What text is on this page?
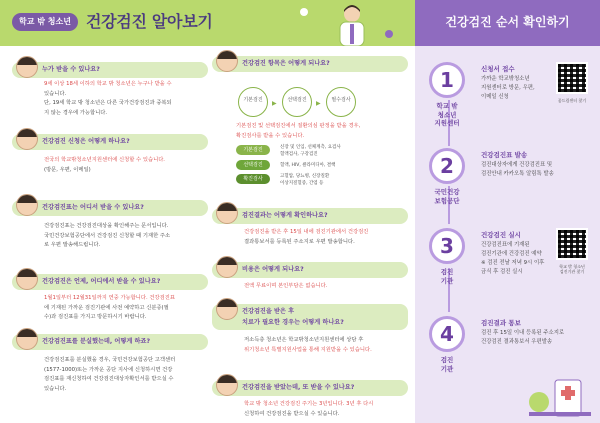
학교 밖 청소년 건강검진 알아보기
누가 받을 수 있나요?
9세 이상 18세 이하의 학교 밖 청소년은 누구나 받을 수
있습니다.
단, 19세 학교 밖 청소년은 다른 국가건강검진과 중복되
지 않는 경우에 가능합니다.
건강검진 신청은 어떻게 하나요?
전국의 학교밖청소년지원센터에 신청할 수 있습니다.
(방문, 우편, 이메일)
건강검진표는 어디서 받을 수 있나요?
건강검진표는 건강검진대상을 확인해주는 문서입니다.
국민건강보험공단에서 건강검진 신청할 때 기재한 주소
로 우편 발송해드립니다.
건강검진은 언제, 어디에서 받을 수 있나요?
1월1일부터 12월31일까지 연중 가능합니다. 건강검진표
에 기재된 가까운 검진기관에 사전 예약하고 신분증(필
수)과 검진표를 가지고 방문하시기 바랍니다.
건강검진표를 분실했는데, 어떻게 하죠?
건강검진표를 분실했을 경우, 국민건강보험공단 고객센터
(1577-1000)또는 가까운 공단 지사에 신청하시면 건강
검진표를 재신청하여 건강검진대상자확인서를 받으실 수
있습니다.
건강검진 항목은 어떻게 되나요?
기본검진	▶	선택검진	▶	필수검사
기본검진 및 선택검진에서 질환의심 판정을 받을 경우,
확진검사를 받을 수 있습니다.
기본검진	신장 및 인입, 선체계측, 요검사
혈액검사, 구강검진
선택검진	혈액, HIV, 클라미디아, 결핵
확진검사	고혈압, 당뇨병, 신장질환
이상지질혈증, 간염 등
검진결과는 어떻게 확인하나요?
건강검진을 받은 후 15일 내에 검진기관에서 건강검진
결과통보서를 등록된 주소지로 우편 발송합니다.
비용은 어떻게 되나요?
전액 무료이며 본인부담은 없습니다.
건강검진을 받은 후
치료가 필요한 경우는 어떻게 하나요?
저소득층 청소년은 학교밖청소년지원센터에 상담 후
위기청소년 특별지원사업을 통해 지원받을 수 있습니다.
건강검진을 받았는데, 또 받을 수 있나요?
학교 밖 청소년 건강검진 주기는 3년입니다. 3년 후 다시
신청하여 건강검진을 받으실 수 있습니다.
건강검진 순서 확인하기
1
학교 밖
청소년
지원센터
신청서 접수
가까운 학교밖청소년
지원센터로 방문, 우편,
이메일 신청
꿈드림센터 찾기
2
국민건강
보험공단
건강검진표 발송
검진대상자에게 건강검진표 및
검진안내 카카오톡 알림톡 발송
3
검진
기관
건강검진 실시
건강검진표에 기재된
검진기관에 건강검진 예약
※ 검진 전날 저녁 9시 이후
금식 후 검진 실시
학교 밖 청소년
검진기관 찾기
4
검진
기관
검진결과 통보
검진 후 15일 이내 등록된 주소지로
건강검진 결과통보서 우편발송
